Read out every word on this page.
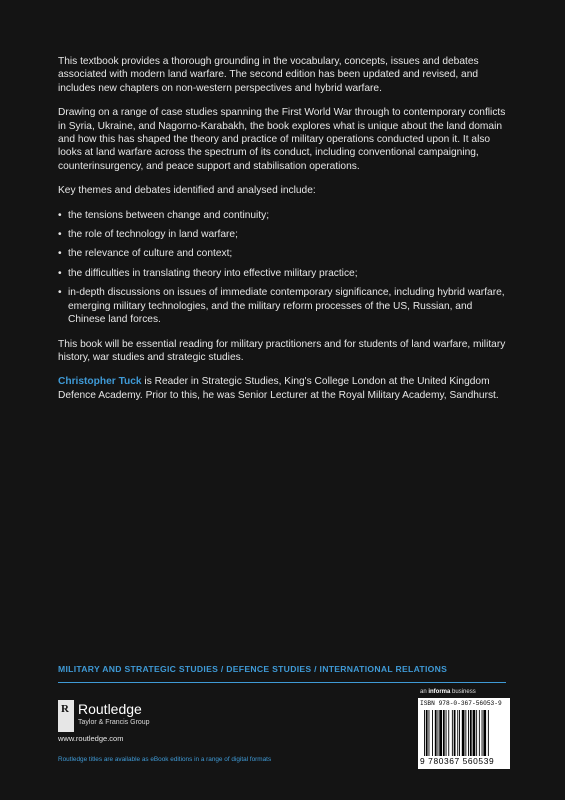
This textbook provides a thorough grounding in the vocabulary, concepts, issues and debates associated with modern land warfare. The second edition has been updated and revised, and includes new chapters on non-western perspectives and hybrid warfare.

Drawing on a range of case studies spanning the First World War through to contemporary conflicts in Syria, Ukraine, and Nagorno-Karabakh, the book explores what is unique about the land domain and how this has shaped the theory and practice of military operations conducted upon it. It also looks at land warfare across the spectrum of its conduct, including conventional campaigning, counterinsurgency, and peace support and stabilisation operations.

Key themes and debates identified and analysed include:

• the tensions between change and continuity;
• the role of technology in land warfare;
• the relevance of culture and context;
• the difficulties in translating theory into effective military practice;
• in-depth discussions on issues of immediate contemporary significance, including hybrid warfare, emerging military technologies, and the military reform processes of the US, Russian, and Chinese land forces.

This book will be essential reading for military practitioners and for students of land warfare, military history, war studies and strategic studies.

Christopher Tuck is Reader in Strategic Studies, King's College London at the United Kingdom Defence Academy. Prior to this, he was Senior Lecturer at the Royal Military Academy, Sandhurst.

MILITARY AND STRATEGIC STUDIES / DEFENCE STUDIES / INTERNATIONAL RELATIONS
R Routledge
Taylor & Francis Group
www.routledge.com
Routledge titles are available as eBook editions in a range of digital formats
an informa business
ISBN 978-0-367-56053-9
9 780367 560539
